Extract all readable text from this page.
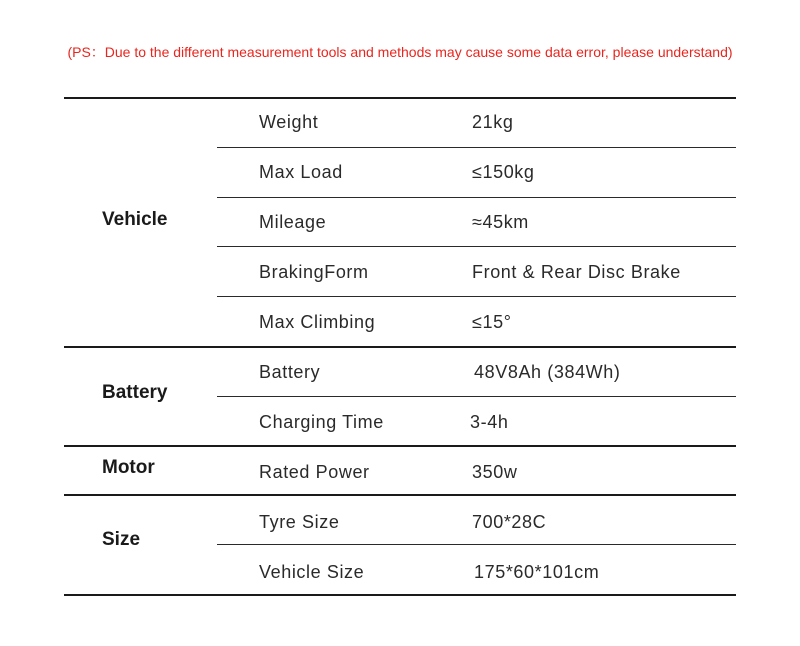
(PS：Due to the different measurement tools and methods may cause some data error, please understand)
Vehicle
Weight	21kg
Max Load	≤150kg
Mileage	≈45km
BrakingForm	Front & Rear Disc Brake
Max Climbing	≤15°
Battery
Battery	48V8Ah (384Wh)
Charging Time	3-4h
Motor	Rated Power	350w
Size
Tyre Size	700*28C
Vehicle Size	175*60*101cm
